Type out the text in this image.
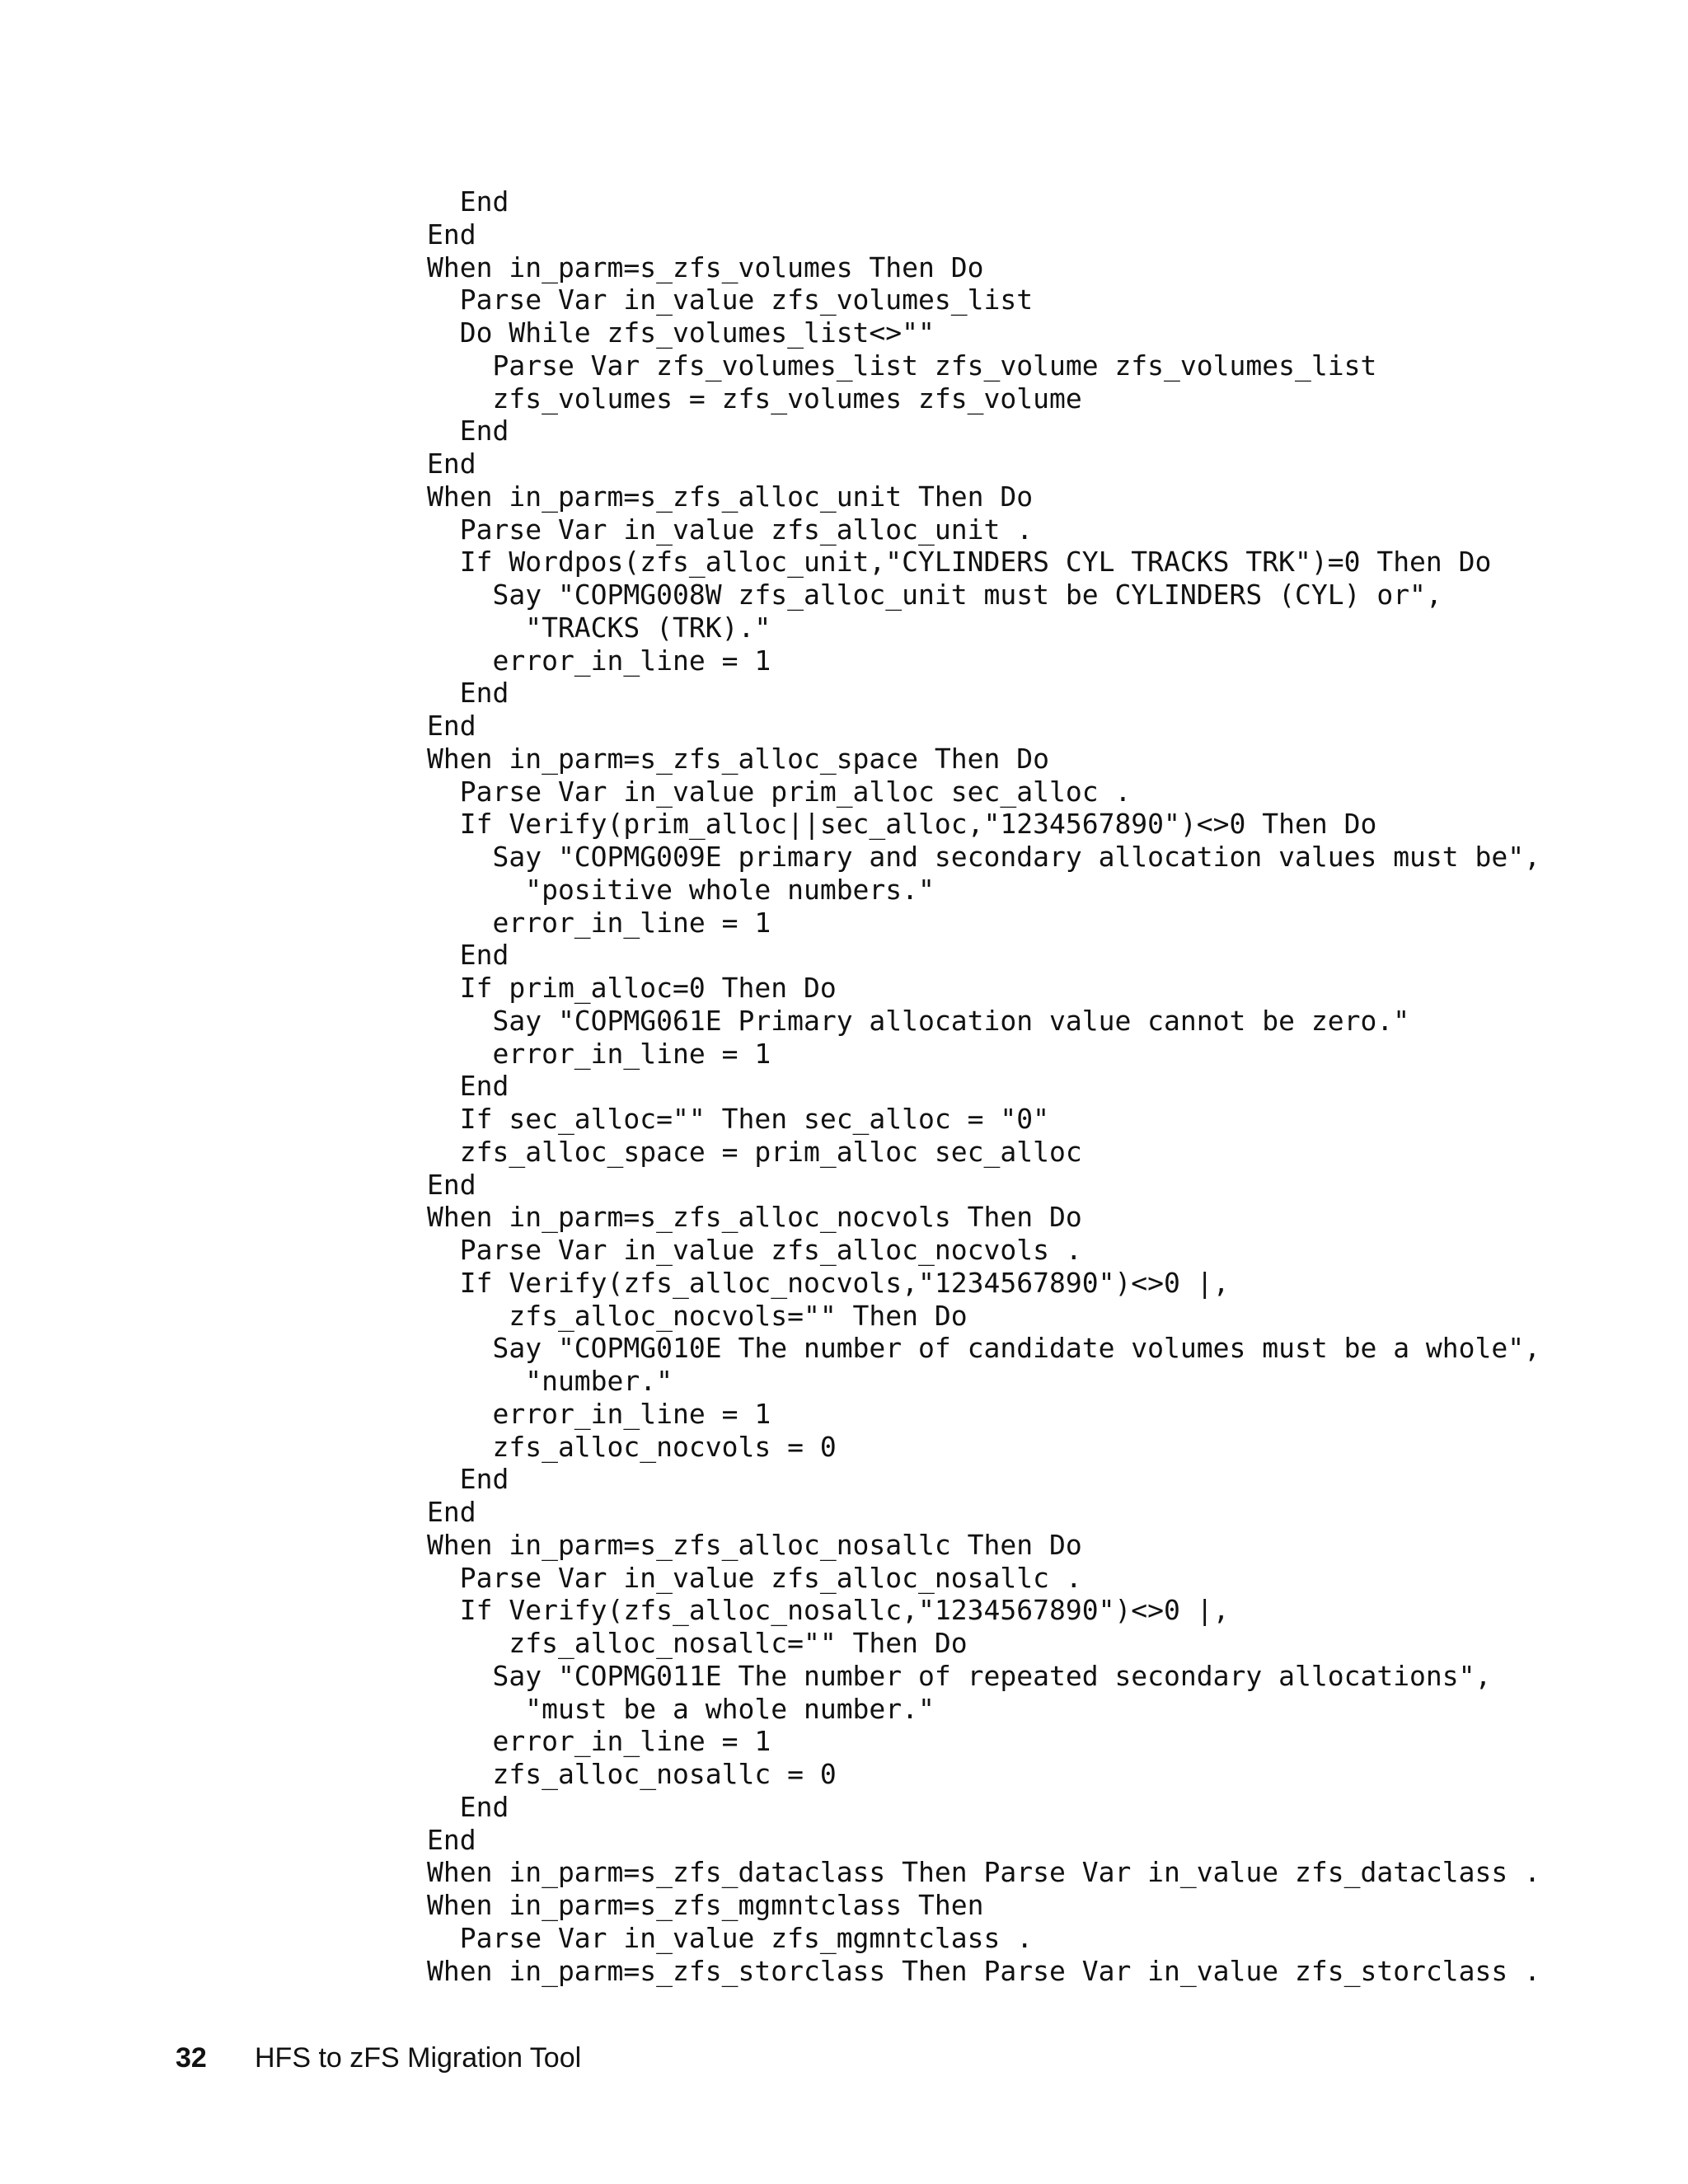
End
End
When in_parm=s_zfs_volumes Then Do
Parse Var in_value zfs_volumes_list
Do While zfs_volumes_list<>""
Parse Var zfs_volumes_list zfs_volume zfs_volumes_list
zfs_volumes = zfs_volumes zfs_volume
End
End
When in_parm=s_zfs_alloc_unit Then Do
Parse Var in_value zfs_alloc_unit .
If Wordpos(zfs_alloc_unit,"CYLINDERS CYL TRACKS TRK")=0 Then Do
Say "COPMG008W zfs_alloc_unit must be CYLINDERS (CYL) or",
"TRACKS (TRK)."
error_in_line = 1
End
End
When in_parm=s_zfs_alloc_space Then Do
Parse Var in_value prim_alloc sec_alloc .
If Verify(prim_alloc||sec_alloc,"1234567890")<>0 Then Do
Say "COPMG009E primary and secondary allocation values must be",
"positive whole numbers."
error_in_line = 1
End
If prim_alloc=0 Then Do
Say "COPMG061E Primary allocation value cannot be zero."
error_in_line = 1
End
If sec_alloc="" Then sec_alloc = "0"
zfs_alloc_space = prim_alloc sec_alloc
End
When in_parm=s_zfs_alloc_nocvols Then Do
Parse Var in_value zfs_alloc_nocvols .
If Verify(zfs_alloc_nocvols,"1234567890")<>0 |,
zfs_alloc_nocvols="" Then Do
Say "COPMG010E The number of candidate volumes must be a whole",
"number."
error_in_line = 1
zfs_alloc_nocvols = 0
End
End
When in_parm=s_zfs_alloc_nosallc Then Do
Parse Var in_value zfs_alloc_nosallc .
If Verify(zfs_alloc_nosallc,"1234567890")<>0 |,
zfs_alloc_nosallc="" Then Do
Say "COPMG011E The number of repeated secondary allocations",
"must be a whole number."
error_in_line = 1
zfs_alloc_nosallc = 0
End
End
When in_parm=s_zfs_dataclass Then Parse Var in_value zfs_dataclass .
When in_parm=s_zfs_mgmntclass Then
Parse Var in_value zfs_mgmntclass .
When in_parm=s_zfs_storclass Then Parse Var in_value zfs_storclass .
32 HFS to zFS Migration Tool
